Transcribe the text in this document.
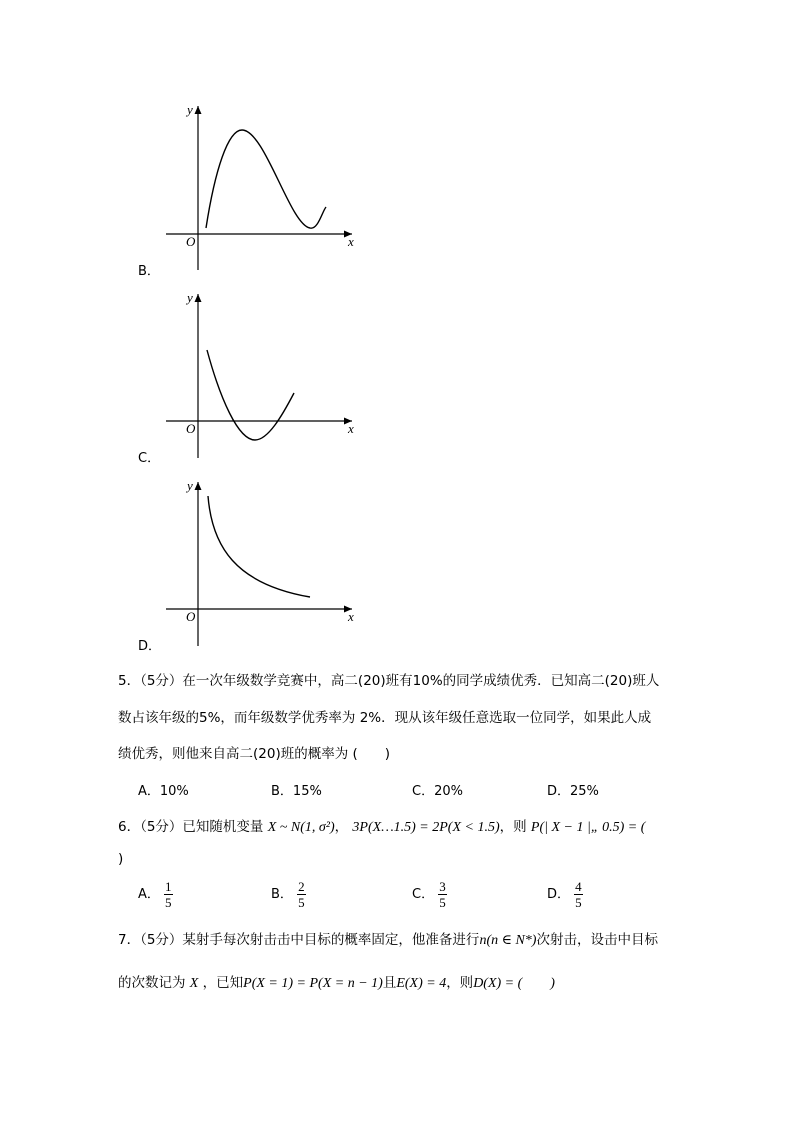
y
x
O
B．
y
x
O
C．
y
x
O
D．
5．（5分）在一次年级数学竞赛中，高二(20)班有10%的同学成绩优秀．已知高二(20)班人
数占该年级的5%，而年级数学优秀率为 2%．现从该年级任意选取一位同学，如果此人成
绩优秀，则他来自高二(20)班的概率为 (　　)
A．10%	B．15%	C．20%	D．25%
6．（5分）已知随机变量 X ~ N(1, σ²)， 3P(X…1.5) = 2P(X < 1.5)，则 P(| X − 1 |„ 0.5) = (
)
A． $\frac{1}{5}$	B． $\frac{2}{5}$	C． $\frac{3}{5}$	D． $\frac{4}{5}$
7．（5分）某射手每次射击击中目标的概率固定，他准备进行n(n ∈ N*)次射击，设击中目标
的次数记为 X ，已知P(X = 1) = P(X = n − 1)且E(X) = 4，则D(X) = (　　)
